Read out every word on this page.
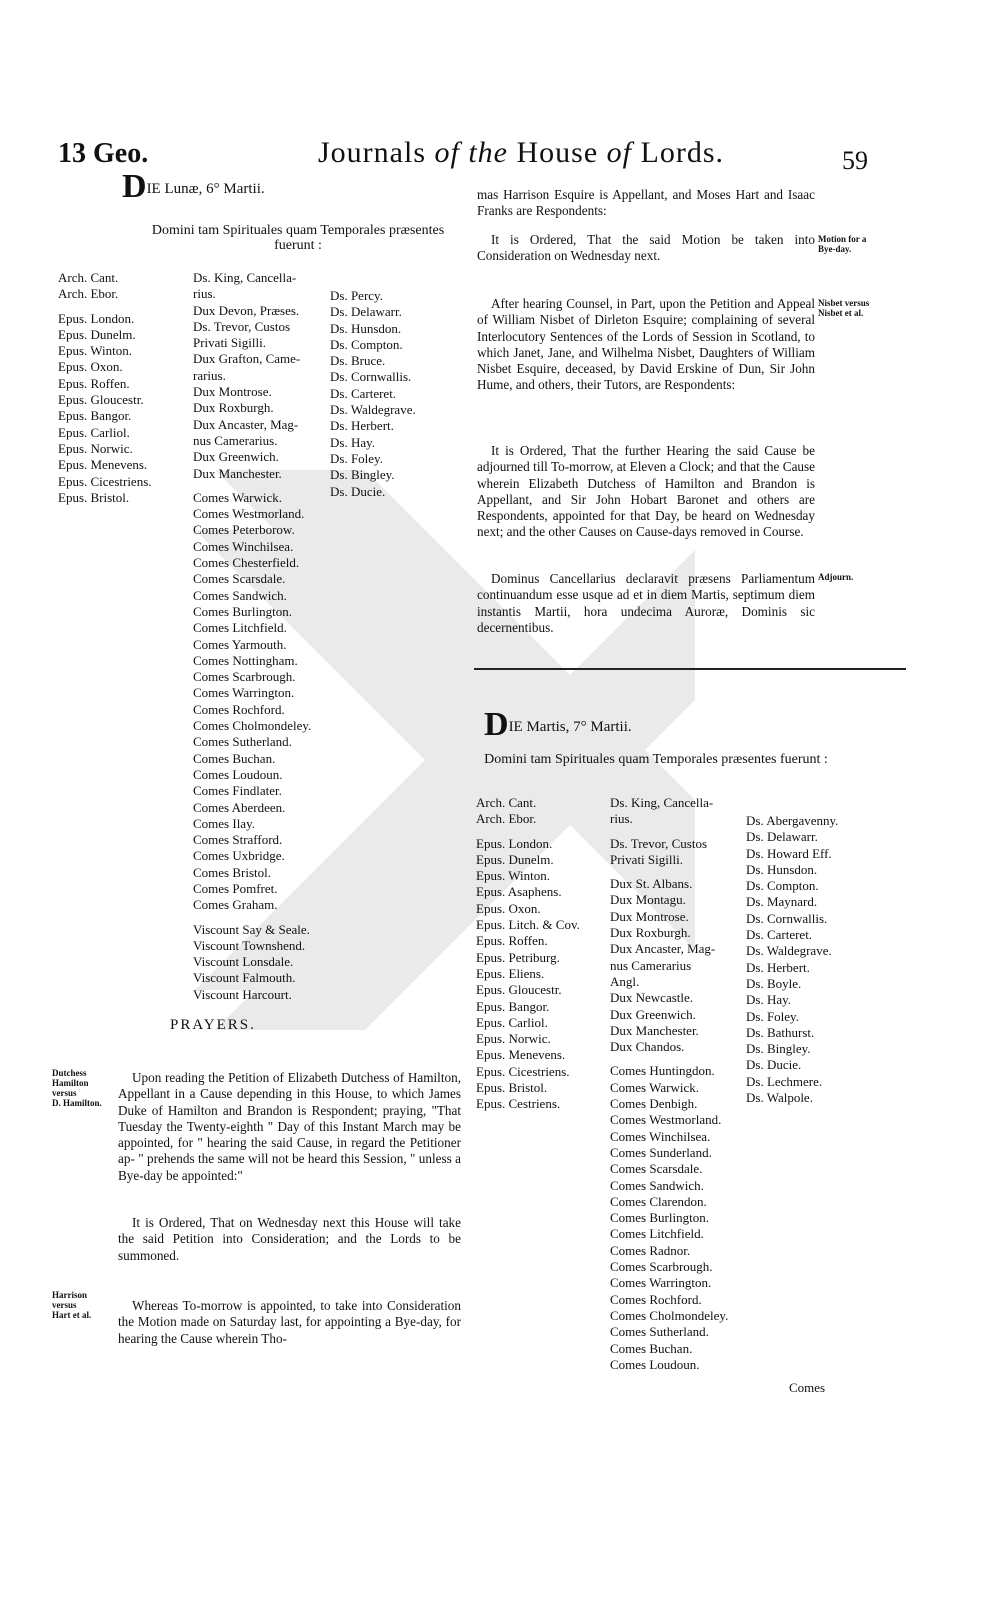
13 Geo.	Journals of the House of Lords.	59
DIE Lunæ, 6° Martii.
Domini tam Spirituales quam Temporales præsentes fuerunt :
Arch. Cant.
Arch. Ebor.
Epus. London.
Epus. Dunelm.
Epus. Winton.
Epus. Oxon.
Epus. Roffen.
Epus. Gloucestr.
Epus. Bangor.
Epus. Carliol.
Epus. Norwic.
Epus. Menevens.
Epus. Cicestriens.
Epus. Bristol.
Ds. King, Cancella-
rius.
Dux Devon, Præses.
Ds. Trevor, Custos
Privati Sigilli.
Dux Grafton, Came-
rarius.
Dux Montrose.
Dux Roxburgh.
Dux Ancaster, Mag-
nus Camerarius.
Dux Greenwich.
Dux Manchester.
Comes Warwick.
Comes Westmorland.
Comes Peterborow.
Comes Winchilsea.
Comes Chesterfield.
Comes Scarsdale.
Comes Sandwich.
Comes Burlington.
Comes Litchfield.
Comes Yarmouth.
Comes Nottingham.
Comes Scarbrough.
Comes Warrington.
Comes Rochford.
Comes Cholmondeley.
Comes Sutherland.
Comes Buchan.
Comes Loudoun.
Comes Findlater.
Comes Aberdeen.
Comes Ilay.
Comes Strafford.
Comes Uxbridge.
Comes Bristol.
Comes Pomfret.
Comes Graham.
Viscount Say & Seale.
Viscount Townshend.
Viscount Lonsdale.
Viscount Falmouth.
Viscount Harcourt.
Ds. Percy.
Ds. Delawarr.
Ds. Hunsdon.
Ds. Compton.
Ds. Bruce.
Ds. Cornwallis.
Ds. Carteret.
Ds. Waldegrave.
Ds. Herbert.
Ds. Hay.
Ds. Foley.
Ds. Bingley.
Ds. Ducie.
PRAYERS.
Dutchess
Hamilton
versus
D. Hamilton.

Upon reading the Petition of Elizabeth Dutchess of Hamilton, Appellant in a Cause depending in this House, to which James Duke of Hamilton and Brandon is Respondent; praying, "That Tuesday the Twenty-eighth " Day of this Instant March may be appointed, for " hearing the said Cause, in regard the Petitioner ap- " prehends the same will not be heard this Session, " unless a Bye-day be appointed:"

It is Ordered, That on Wednesday next this House will take the said Petition into Consideration; and the Lords to be summoned.

Harrison
versus
Hart et al.

Whereas To-morrow is appointed, to take into Consideration the Motion made on Saturday last, for appointing a Bye-day, for hearing the Cause wherein Tho-

mas Harrison Esquire is Appellant, and Moses Hart and Isaac Franks are Respondents:

It is Ordered, That the said Motion be taken into Consideration on Wednesday next.

Motion for a
Bye-day.

After hearing Counsel, in Part, upon the Petition and Appeal of William Nisbet of Dirleton Esquire; complaining of several Interlocutory Sentences of the Lords of Session in Scotland, to which Janet, Jane, and Wilhelma Nisbet, Daughters of William Nisbet Esquire, deceased, by David Erskine of Dun, Sir John Hume, and others, their Tutors, are Respondents:

Nisbet versus
Nisbet et al.

It is Ordered, That the further Hearing the said Cause be adjourned till To-morrow, at Eleven a Clock; and that the Cause wherein Elizabeth Dutchess of Hamilton and Brandon is Appellant, and Sir John Hobart Baronet and others are Respondents, appointed for that Day, be heard on Wednesday next; and the other Causes on Cause-days removed in Course.

Dominus Cancellarius declaravit præsens Parliamentum continuandum esse usque ad et in diem Martis, septimum diem instantis Martii, hora undecima Auroræ, Dominis sic decernentibus.

Adjourn.
DIE Martis, 7° Martii.
Domini tam Spirituales quam Temporales præsentes fuerunt :
Arch. Cant.
Arch. Ebor.
Epus. London.
Epus. Dunelm.
Epus. Winton.
Epus. Asaphens.
Epus. Oxon.
Epus. Litch. & Cov.
Epus. Roffen.
Epus. Petriburg.
Epus. Eliens.
Epus. Gloucestr.
Epus. Bangor.
Epus. Carliol.
Epus. Norwic.
Epus. Menevens.
Epus. Cicestriens.
Epus. Bristol.
Epus. Cestriens.
Ds. King, Cancella-
rius.
Ds. Trevor, Custos
Privati Sigilli.
Dux St. Albans.
Dux Montagu.
Dux Montrose.
Dux Roxburgh.
Dux Ancaster, Mag-
nus Camerarius
Angl.
Dux Newcastle.
Dux Greenwich.
Dux Manchester.
Dux Chandos.
Comes Huntingdon.
Comes Warwick.
Comes Denbigh.
Comes Westmorland.
Comes Winchilsea.
Comes Sunderland.
Comes Scarsdale.
Comes Sandwich.
Comes Clarendon.
Comes Burlington.
Comes Litchfield.
Comes Radnor.
Comes Scarbrough.
Comes Warrington.
Comes Rochford.
Comes Cholmondeley.
Comes Sutherland.
Comes Buchan.
Comes Loudoun.
Ds. Abergavenny.
Ds. Delawarr.
Ds. Howard Eff.
Ds. Hunsdon.
Ds. Compton.
Ds. Maynard.
Ds. Cornwallis.
Ds. Carteret.
Ds. Waldegrave.
Ds. Herbert.
Ds. Boyle.
Ds. Hay.
Ds. Foley.
Ds. Bathurst.
Ds. Bingley.
Ds. Ducie.
Ds. Lechmere.
Ds. Walpole.
Comes
